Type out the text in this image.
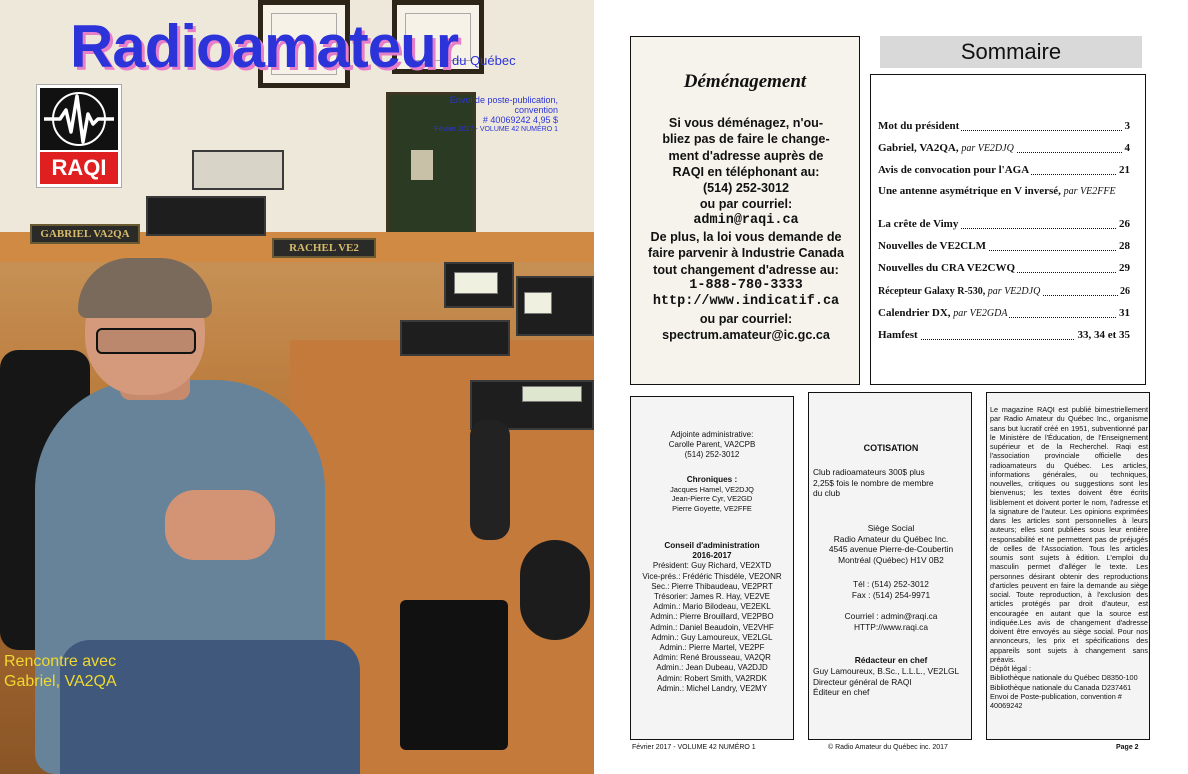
GABRIEL VA2QA
RACHEL VE2
Radioamateur
du Québec
Envoi de poste-publication, convention
# 40069242 4,95 $
Février 2017 - VOLUME 42 NUMÉRO 1
RAQI
Rencontre avec
Gabriel, VA2QA
Déménagement
Si vous déménagez, n'ou-
bliez pas de faire le change-
ment d'adresse auprès de
RAQI en téléphonant au:
(514) 252-3012
ou par courriel:
admin@raqi.ca
De plus, la loi vous demande de
faire parvenir à Industrie Canada
tout changement d'adresse au:
1-888-780-3333
http://www.indicatif.ca
ou par courriel:
spectrum.amateur@ic.gc.ca
Sommaire
Mot du président	3
Gabriel, VA2QA, par VE2DJQ	4
Avis de convocation pour l'AGA	21
Une antenne asymétrique en V inversé, par VE2FFE
La crête de Vimy	26
Nouvelles de VE2CLM	28
Nouvelles du CRA VE2CWQ	29
Récepteur Galaxy R-530, par VE2DJQ	26
Calendrier DX, par VE2GDA	31
Hamfest	33, 34 et 35
Adjointe administrative:
Carolle Parent, VA2CPB
(514) 252-3012
Chroniques :
Jacques Hamel, VE2DJQ
Jean-Pierre Cyr, VE2GD
Pierre Goyette, VE2FFE
Conseil d'administration
2016-2017
Président: Guy Richard, VE2XTD
Vice-prés.: Frédéric Thisdéle, VE2ONR
Sec.: Pierre Thibaudeau, VE2PRT
Trésorier: James R. Hay, VE2VE
Admin.: Mario Bilodeau, VE2EKL
Admin.: Pierre Brouillard, VE2PBO
Admin.: Daniel Beaudoin, VE2VHF
Admin.: Guy Lamoureux, VE2LGL
Admin.: Pierre Martel, VE2PF
Admin: René Brousseau, VA2QR
Admin.: Jean Dubeau, VA2DJD
Admin: Robert Smith, VA2RDK
Admin.: Michel Landry, VE2MY
COTISATION
Club radioamateurs 300$ plus
2,25$ fois le nombre de membre
du club
Siège Social
Radio Amateur du Québec Inc.
4545 avenue Pierre-de-Coubertin
Montréal (Québec) H1V 0B2
Tél : (514) 252-3012
Fax : (514) 254-9971
Courriel : admin@raqi.ca
HTTP://www.raqi.ca
Rédacteur en chef
Guy Lamoureux, B.Sc., L.L.L., VE2LGL
Directeur général de RAQI
Éditeur en chef
Le magazine RAQI est publié bimestriellement par Radio Amateur du Québec Inc., organisme sans but lucratif créé en 1951, subventionné par le Ministère de l'Éducation, de l'Enseignement supérieur et de la Recherchel. Raqi est l'association provinciale officielle des radioamateurs du Québec. Les articles, informations générales, ou techniques, nouvelles, critiques ou suggestions sont les bienvenus; les textes doivent être écrits lisiblement et doivent porter le nom, l'adresse et la signature de l'auteur. Les opinions exprimées dans les articles sont personnelles à leurs auteurs; elles sont publiées sous leur entière responsabilité et ne permettent pas de préjugés de celles de l'Association. Tous les articles soumis sont sujets à édition. L'emploi du masculin permet d'alléger le texte. Les personnes désirant obtenir des reproductions d'articles peuvent en faire la demande au siège social. Toute reproduction, à l'exclusion des articles protégés par droit d'auteur, est encouragée en autant que la source est indiquée.Les avis de changement d'adresse doivent être envoyés au siège social. Pour nos annonceurs, les prix et spécifications des appareils sont sujets à changement sans préavis.
Dépôt légal :
Bibliothèque nationale du Québec D8350-100
Bibliothèque nationale du Canada D237461
Envoi de Poste-publication, convention #
40069242
Février 2017 - VOLUME 42 NUMÉRO 1	© Radio Amateur du Québec inc. 2017	Page 2
